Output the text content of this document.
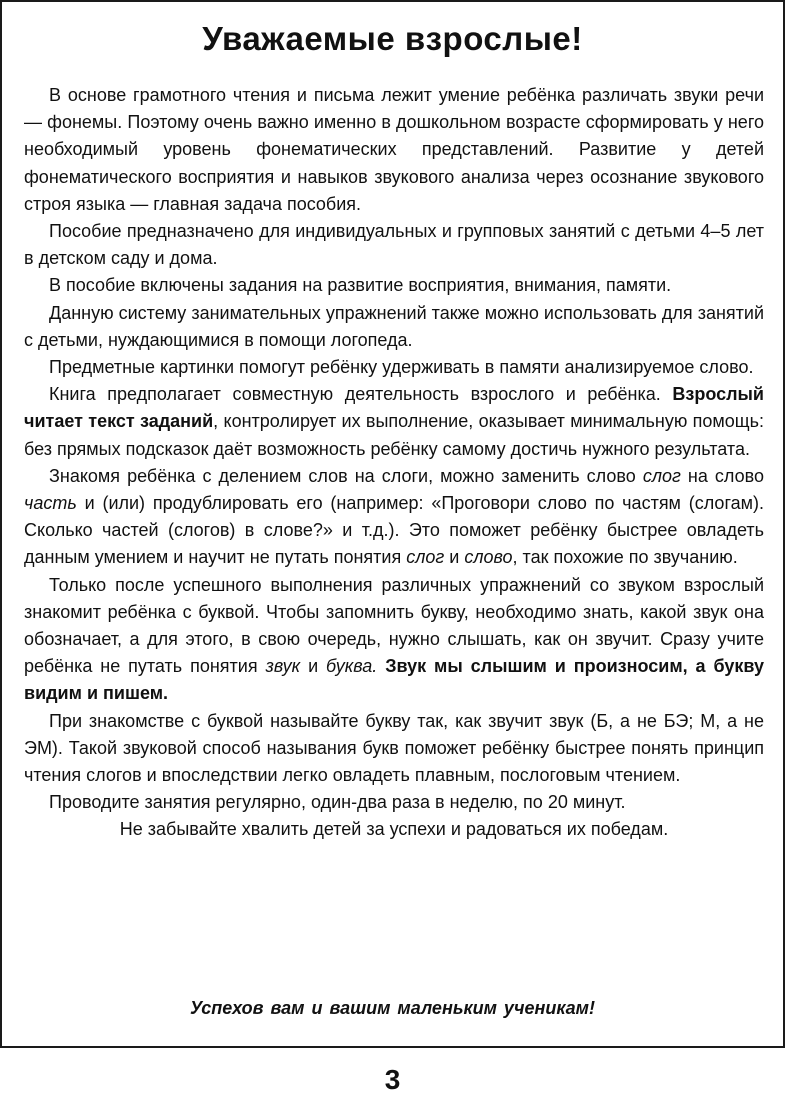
Уважаемые взрослые!

В основе грамотного чтения и письма лежит умение ребёнка различать звуки речи — фонемы. Поэтому очень важно именно в дошкольном возрасте сформировать у него необходимый уровень фонематических представлений. Развитие у детей фонематического восприятия и навыков звукового анализа через осознание звукового строя языка — главная задача пособия.

Пособие предназначено для индивидуальных и групповых занятий с детьми 4–5 лет в детском саду и дома.

В пособие включены задания на развитие восприятия, внимания, памяти.

Данную систему занимательных упражнений также можно использовать для занятий с детьми, нуждающимися в помощи логопеда.

Предметные картинки помогут ребёнку удерживать в памяти анализируемое слово.

Книга предполагает совместную деятельность взрослого и ребёнка. Взрослый читает текст заданий, контролирует их выполнение, оказывает минимальную помощь: без прямых подсказок даёт возможность ребёнку самому достичь нужного результата.

Знакомя ребёнка с делением слов на слоги, можно заменить слово слог на слово часть и (или) продублировать его (например: «Проговори слово по частям (слогам). Сколько частей (слогов) в слове?» и т.д.). Это поможет ребёнку быстрее овладеть данным умением и научит не путать понятия слог и слово, так похожие по звучанию.

Только после успешного выполнения различных упражнений со звуком взрослый знакомит ребёнка с буквой. Чтобы запомнить букву, необходимо знать, какой звук она обозначает, а для этого, в свою очередь, нужно слышать, как он звучит. Сразу учите ребёнка не путать понятия звук и буква. Звук мы слышим и произносим, а букву видим и пишем.

При знакомстве с буквой называйте букву так, как звучит звук (Б, а не БЭ; М, а не ЭМ). Такой звуковой способ называния букв поможет ребёнку быстрее понять принцип чтения слогов и впоследствии легко овладеть плавным, послоговым чтением.

Проводите занятия регулярно, один-два раза в неделю, по 20 минут.

Не забывайте хвалить детей за успехи и радоваться их победам.

Успехов вам и вашим маленьким ученикам!

3
